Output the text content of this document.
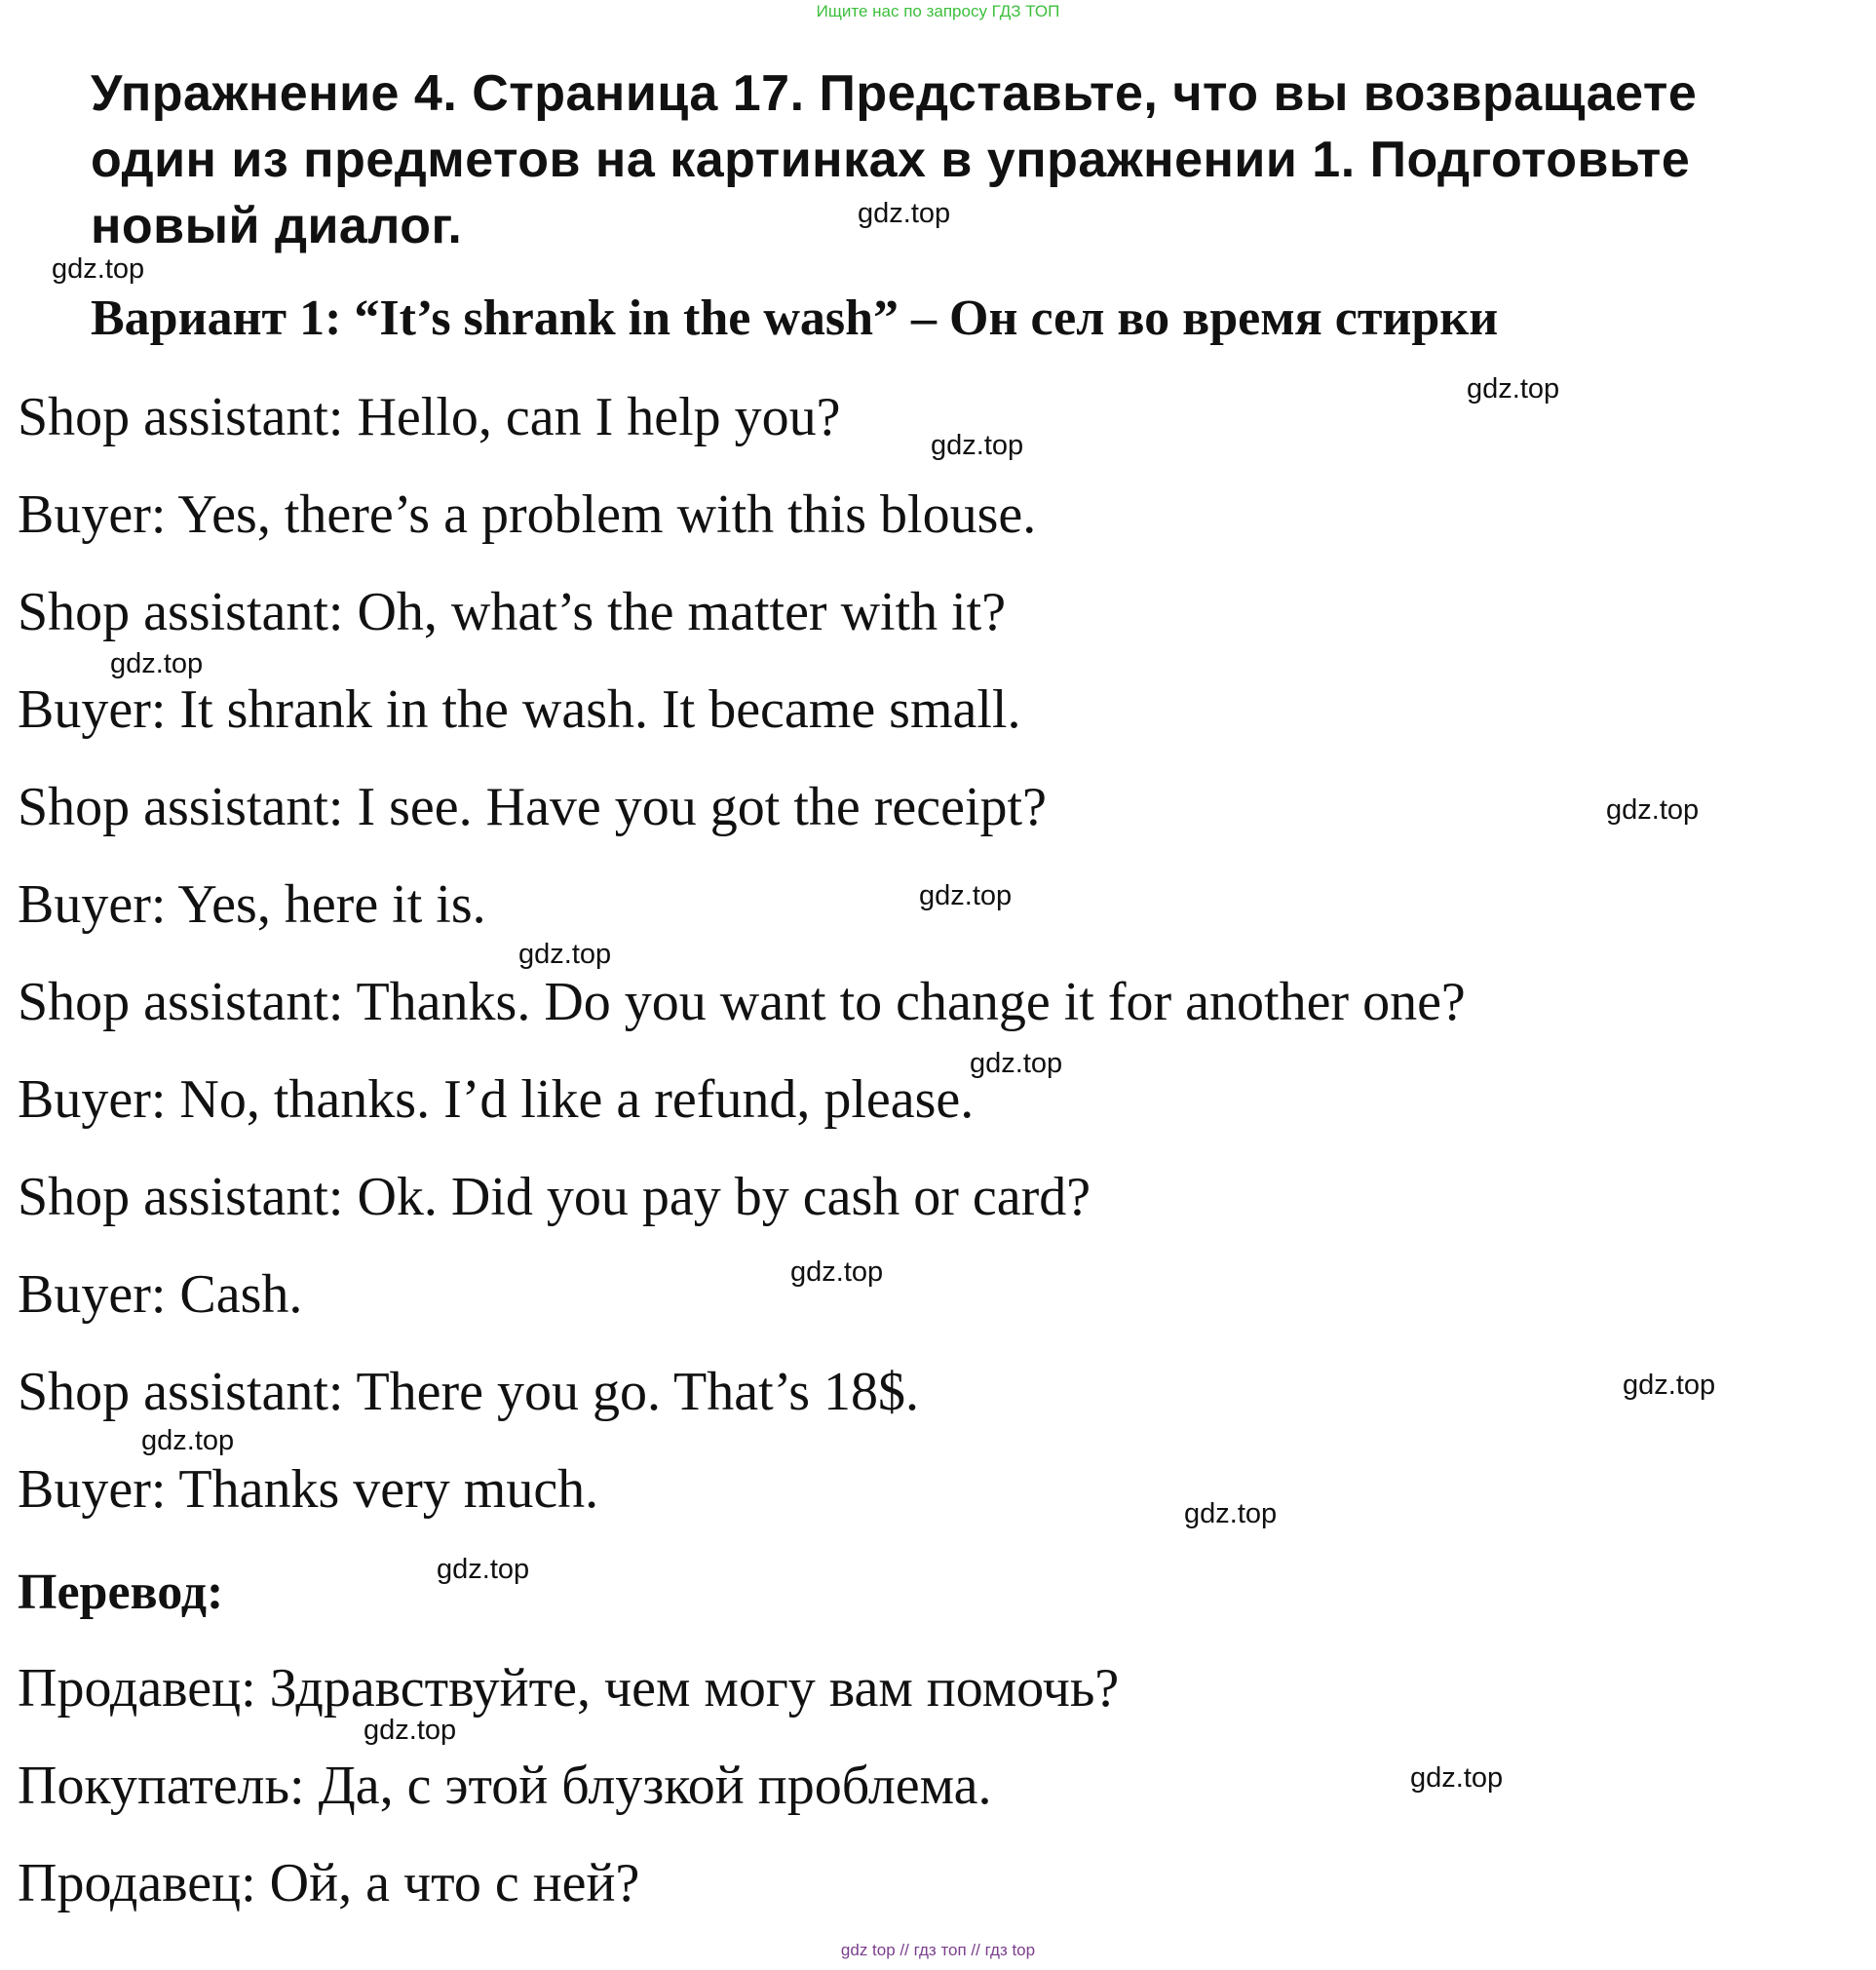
Ищите нас по запросу ГДЗ ТОП
Упражнение 4. Страница 17. Представьте, что вы возвращаете один из предметов на картинках в упражнении 1. Подготовьте новый диалог.
Вариант 1: “It’s shrank in the wash” – Он сел во время стирки
Shop assistant: Hello, can I help you?
Buyer: Yes, there’s a problem with this blouse.
Shop assistant: Oh, what’s the matter with it?
Buyer: It shrank in the wash. It became small.
Shop assistant: I see. Have you got the receipt?
Buyer: Yes, here it is.
Shop assistant: Thanks. Do you want to change it for another one?
Buyer: No, thanks. I’d like a refund, please.
Shop assistant: Ok. Did you pay by cash or card?
Buyer: Cash.
Shop assistant: There you go. That’s 18$.
Buyer: Thanks very much.
Перевод:
Продавец: Здравствуйте, чем могу вам помочь?
Покупатель: Да, с этой блузкой проблема.
Продавец: Ой, а что с ней?
gdz.top
gdz.top
gdz.top
gdz.top
gdz.top
gdz.top
gdz.top
gdz.top
gdz.top
gdz.top
gdz.top
gdz.top
gdz.top
gdz.top
gdz.top
gdz.top
gdz top // гдз топ // гдз top
